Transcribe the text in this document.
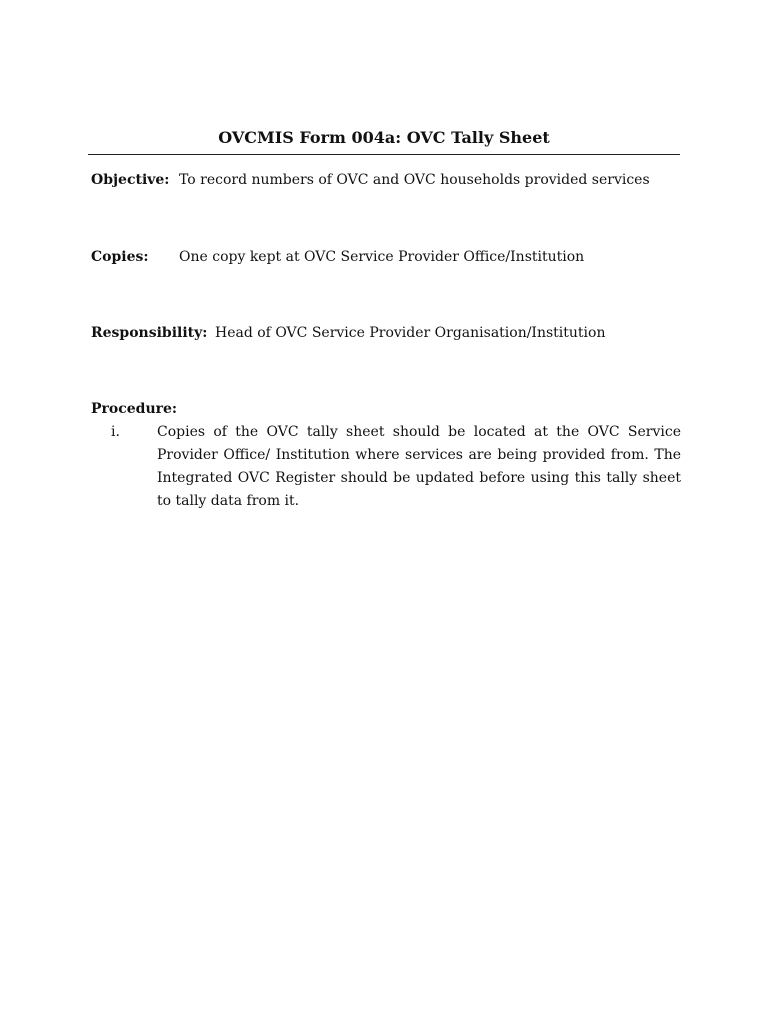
OVCMIS Form 004a: OVC Tally Sheet
Objective: To record numbers of OVC and OVC households provided services
Copies: One copy kept at OVC Service Provider Office/Institution
Responsibility: Head of OVC Service Provider Organisation/Institution
Procedure:
i.	Copies of the OVC tally sheet should be located at the OVC Service Provider Office/ Institution where services are being provided from. The Integrated OVC Register should be updated before using this tally sheet to tally data from it.
